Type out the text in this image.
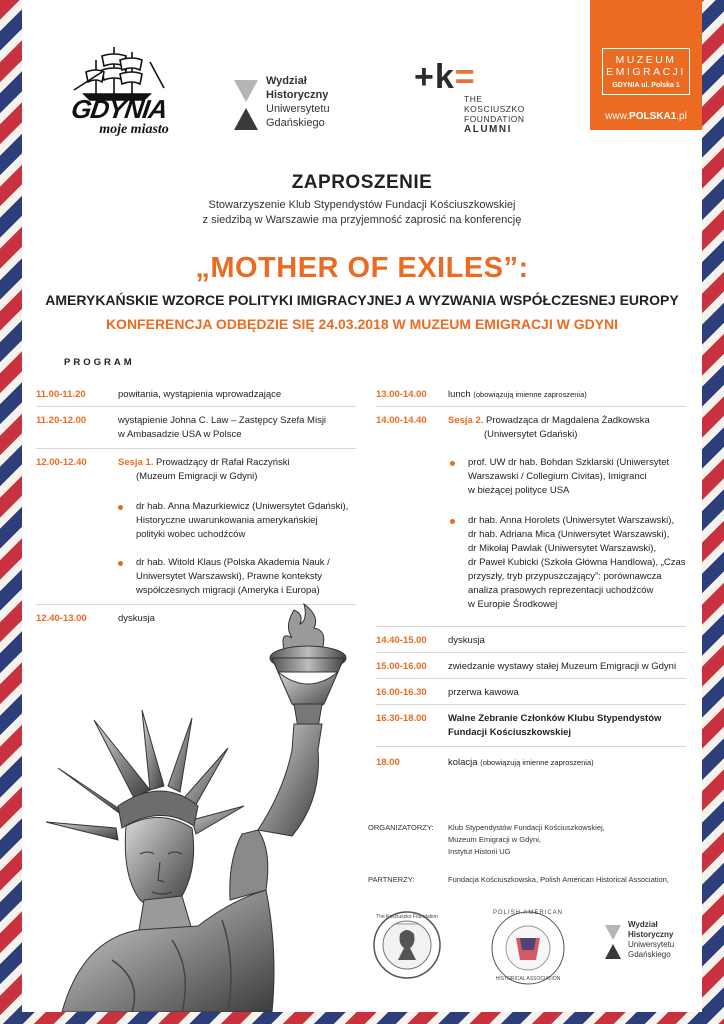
GDYNIA
moje miasto
Wydział
Historyczny
Uniwersytetu
Gdańskiego
+k=
THE
KOSCIUSZKO
FOUNDATION
ALUMNI
MUZEUM
EMIGRACJI
GDYNIA ul. Polska 1
www.POLSKA1.pl
ZAPROSZENIE
Stowarzyszenie Klub Stypendystów Fundacji Kościuszkowskiej
z siedzibą w Warszawie ma przyjemność zaprosić na konferencję
„MOTHER OF EXILES”:
AMERYKAŃSKIE WZORCE POLITYKI IMIGRACYJNEJ A WYZWANIA WSPÓŁCZESNEJ EUROPY
KONFERENCJA ODBĘDZIE SIĘ 24.03.2018 W MUZEUM EMIGRACJI W GDYNI
PROGRAM
11.00-11.20	powitania, wystąpienia wprowadzające
11.20-12.00	wystąpienie Johna C. Law – Zastępcy Szefa Misji
w Ambasadzie USA w Polsce
12.00-12.40	Sesja 1. Prowadzący dr Rafał Raczyński
(Muzeum Emigracji w Gdyni)
dr hab. Anna Mazurkiewicz (Uniwersytet Gdański),
Historyczne uwarunkowania amerykańskiej
polityki wobec uchodźców
dr hab. Witold Klaus (Polska Akademia Nauk /
Uniwersytet Warszawski), Prawne konteksty
współczesnych migracji (Ameryka i Europa)
12.40-13.00	dyskusja
13.00-14.00 lunch (obowiązują imienne zaproszenia)
14.00-14.40 Sesja 2. Prowadząca dr Magdalena Żadkowska
(Uniwersytet Gdański)
prof. UW dr hab. Bohdan Szklarski (Uniwersytet
Warszawski / Collegium Civitas), Imigranci
w bieżącej polityce USA
dr hab. Anna Horolets (Uniwersytet Warszawski),
dr hab. Adriana Mica (Uniwersytet Warszawski),
dr Mikołaj Pawlak (Uniwersytet Warszawski),
dr Paweł Kubicki (Szkoła Główna Handlowa), „Czas
przyszły, tryb przypuszczający”: porównawcza
analiza prasowych reprezentacji uchodźców
w Europie Środkowej
14.40-15.00 dyskusja
15.00-16.00 zwiedzanie wystawy stałej Muzeum Emigracji w Gdyni
16.00-16.30 przerwa kawowa
16.30-18.00 Walne Zebranie Członków Klubu Stypendystów
Fundacji Kościuszkowskiej
18.00	kolacja (obowiązują imienne zaproszenia)
ORGANIZATORZY: Klub Stypendystów Fundacji Kościuszkowskiej,
Muzeum Emigracji w Gdyni,
Instytut Historii UG
PARTNERZY:	Fundacja Kościuszkowska, Polish American Historical Association,
The Kosciuszko Foundation
POLISH AMERICAN
HISTORICAL ASSOCIATION
Wydział
Historyczny
Uniwersytetu
Gdańskiego
